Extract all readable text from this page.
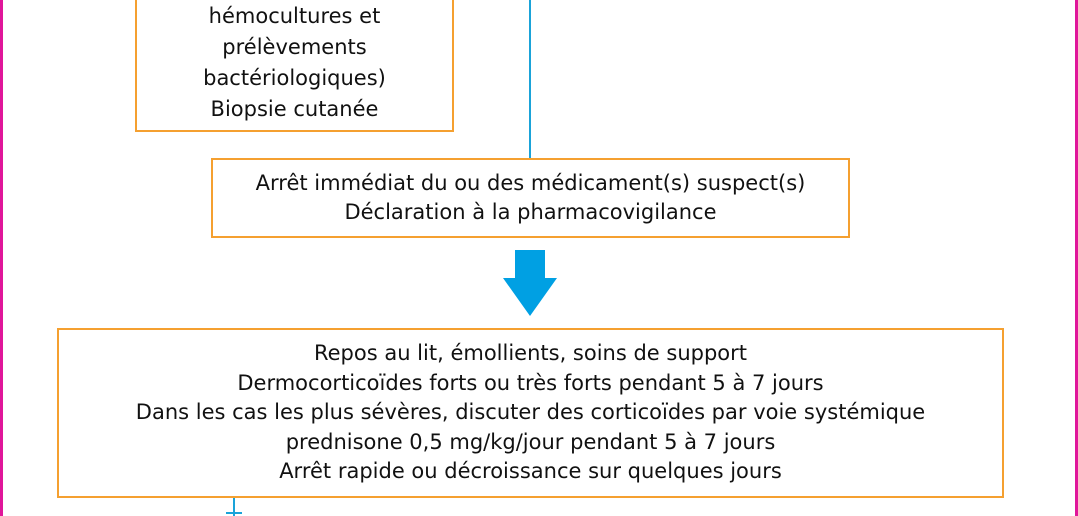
hémocultures et
prélèvements
bactériologiques)
Biopsie cutanée
Arrêt immédiat du ou des médicament(s) suspect(s)
Déclaration à la pharmacovigilance
Repos au lit, émollients, soins de support
Dermocorticoïdes forts ou très forts pendant 5 à 7 jours
Dans les cas les plus sévères, discuter des corticoïdes par voie systémique
prednisone 0,5 mg/kg/jour pendant 5 à 7 jours
Arrêt rapide ou décroissance sur quelques jours
